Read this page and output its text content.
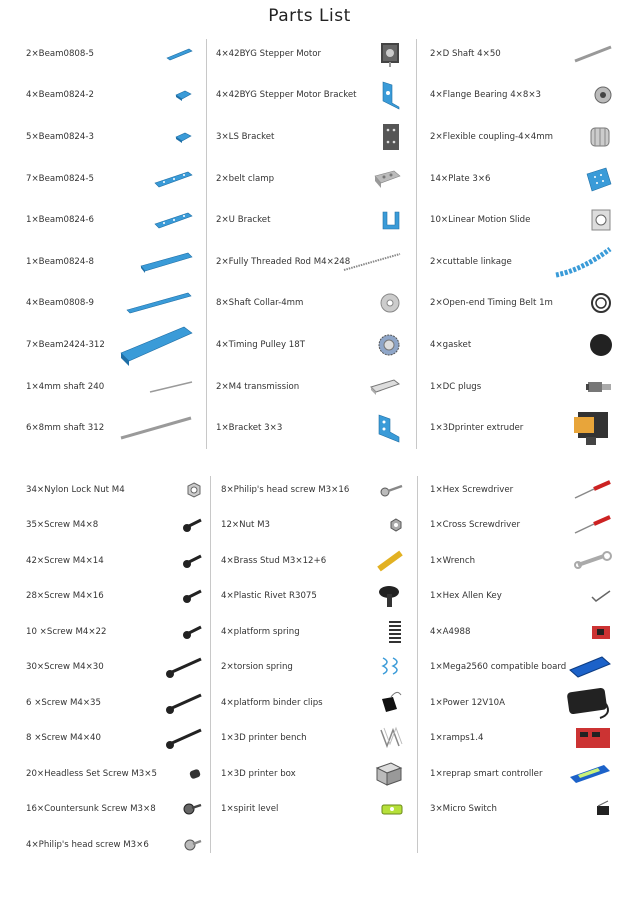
Parts List
2×Beam0808-5
4×Beam0824-2
5×Beam0824-3
7×Beam0824-5
1×Beam0824-6
1×Beam0824-8
4×Beam0808-9
7×Beam2424-312
1×4mm shaft 240
6×8mm shaft 312
4×42BYG Stepper Motor
4×42BYG Stepper Motor Bracket
3×LS Bracket
2×belt clamp
2×U Bracket
2×Fully Threaded Rod M4×248
8×Shaft Collar-4mm
4×Timing Pulley 18T
2×M4 transmission
1×Bracket 3×3
2×D Shaft 4×50
4×Flange Bearing 4×8×3
2×Flexible coupling-4×4mm
14×Plate 3×6
10×Linear Motion Slide
2×cuttable linkage
2×Open-end Timing Belt 1m
4×gasket
1×DC plugs
1×3Dprinter extruder
34×Nylon Lock Nut M4
35×Screw M4×8
42×Screw M4×14
28×Screw M4×16
10 ×Screw M4×22
30×Screw M4×30
6 ×Screw M4×35
8 ×Screw M4×40
20×Headless Set Screw M3×5
16×Countersunk Screw M3×8
4×Philip's head screw M3×6
8×Philip's head screw M3×16
12×Nut M3
4×Brass Stud M3×12+6
4×Plastic Rivet R3075
4×platform spring
2×torsion spring
4×platform binder clips
1×3D printer bench
1×3D printer box
1×spirit level
1×Hex Screwdriver
1×Cross Screwdriver
1×Wrench
1×Hex Allen Key
4×A4988
1×Mega2560 compatible board
1×Power 12V10A
1×ramps1.4
1×reprap smart controller
3×Micro Switch
